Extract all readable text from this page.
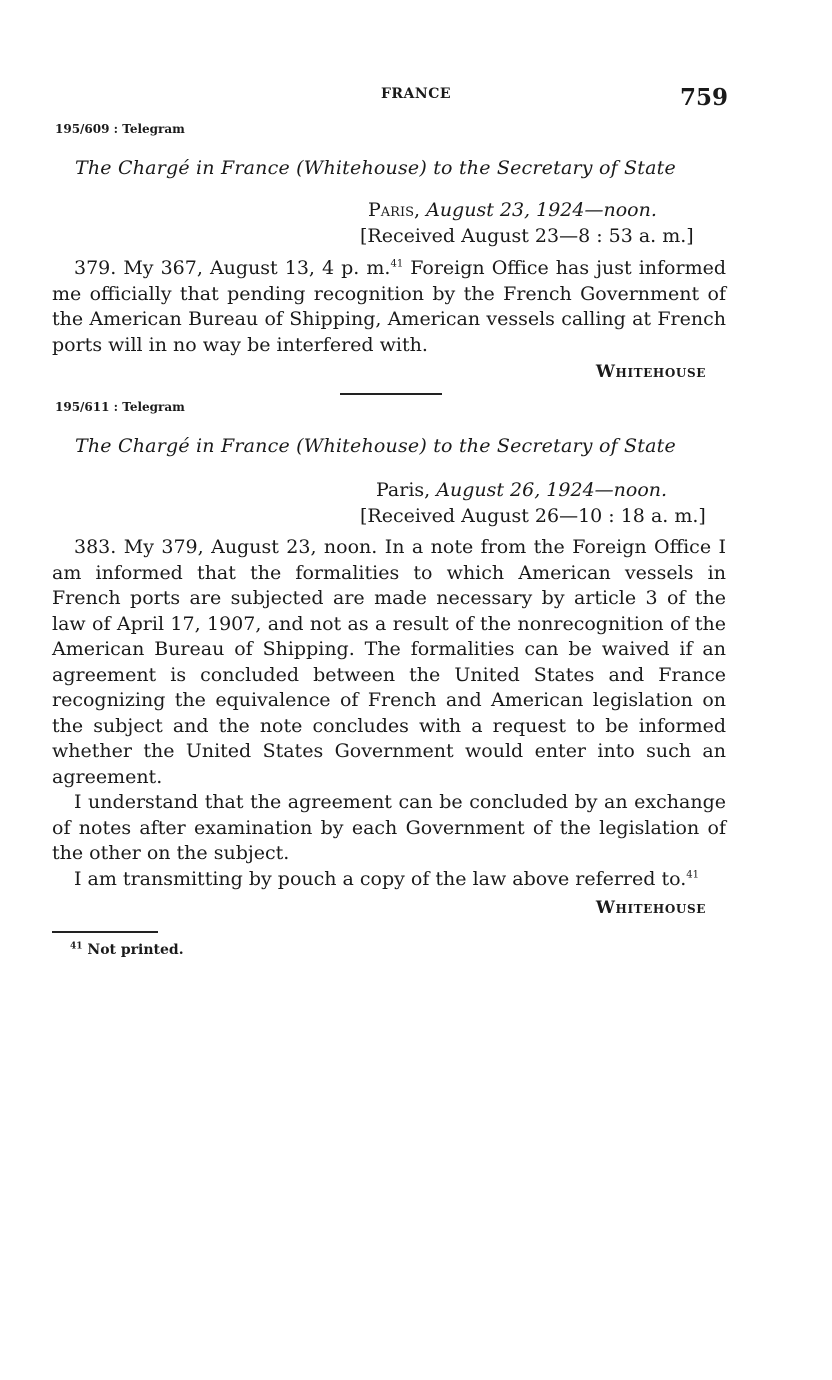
FRANCE	759
195/609 : Telegram
The Chargé in France (Whitehouse) to the Secretary of State
Paris, August 23, 1924—noon.
[Received August 23—8 : 53 a. m.]

379. My 367, August 13, 4 p. m.$^{41}$ Foreign Office has just informed me officially that pending recognition by the French Government of the American Bureau of Shipping, American vessels calling at French ports will in no way be interfered with.

Whitehouse
195/611 : Telegram
The Chargé in France (Whitehouse) to the Secretary of State
Paris, August 26, 1924—noon.
[Received August 26—10 : 18 a. m.]

383. My 379, August 23, noon. In a note from the Foreign Office I am informed that the formalities to which American vessels in French ports are subjected are made necessary by article 3 of the law of April 17, 1907, and not as a result of the nonrecognition of the American Bureau of Shipping. The formalities can be waived if an agreement is concluded between the United States and France recognizing the equivalence of French and American legislation on the subject and the note concludes with a request to be informed whether the United States Government would enter into such an agreement.

I understand that the agreement can be concluded by an exchange of notes after examination by each Government of the legislation of the other on the subject.

I am transmitting by pouch a copy of the law above referred to.$^{41}$

Whitehouse
$^{41}$ Not printed.
